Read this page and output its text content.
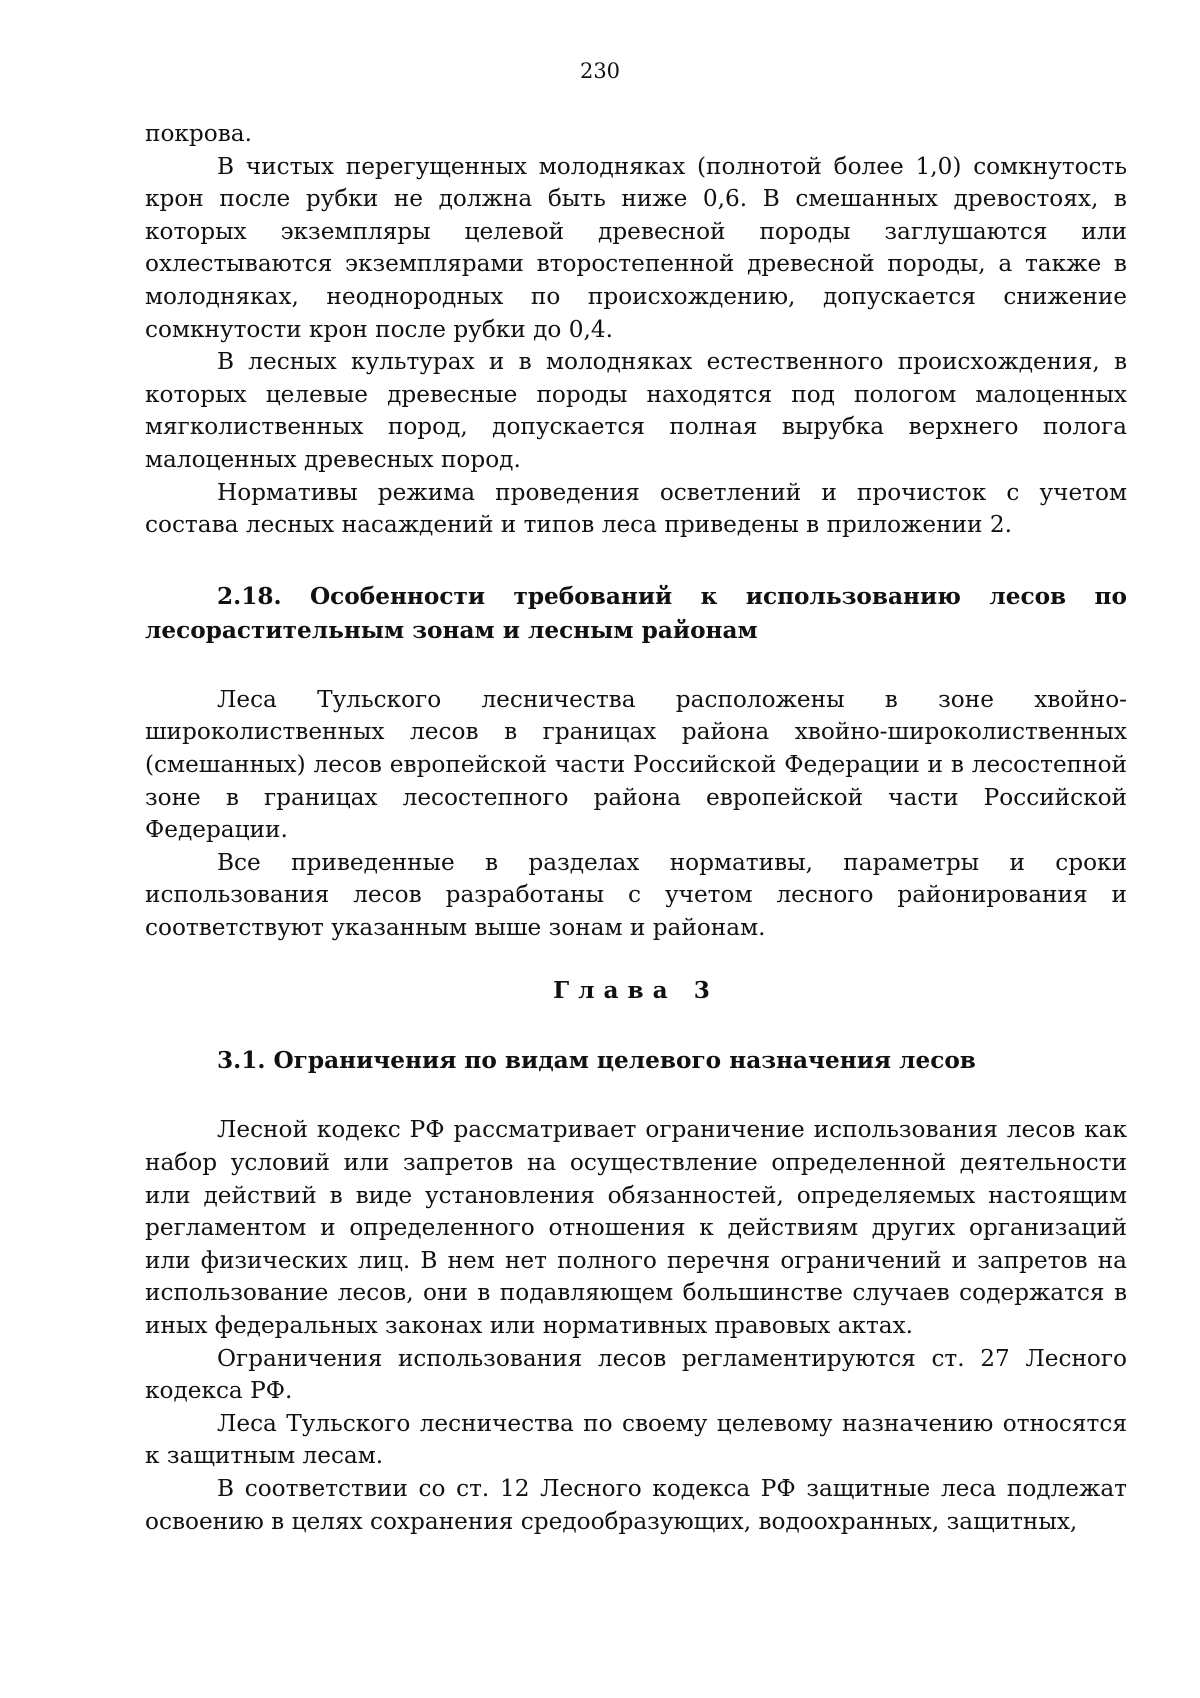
230

покрова.

В чистых перегущенных молодняках (полнотой более 1,0) сомкнутость крон после рубки не должна быть ниже 0,6. В смешанных древостоях, в которых экземпляры целевой древесной породы заглушаются или охлестываются экземплярами второстепенной древесной породы, а также в молодняках, неоднородных по происхождению, допускается снижение сомкнутости крон после рубки до 0,4.

В лесных культурах и в молодняках естественного происхождения, в которых целевые древесные породы находятся под пологом малоценных мягколиственных пород, допускается полная вырубка верхнего полога малоценных древесных пород.

Нормативы режима проведения осветлений и прочисток с учетом состава лесных насаждений и типов леса приведены в приложении 2.

2.18. Особенности требований к использованию лесов по лесорастительным зонам и лесным районам

Леса Тульского лесничества расположены в зоне хвойно-широколиственных лесов в границах района хвойно-широколиственных (смешанных) лесов европейской части Российской Федерации и в лесостепной зоне в границах лесостепного района европейской части Российской Федерации.

Все приведенные в разделах нормативы, параметры и сроки использования лесов разработаны с учетом лесного районирования и соответствуют указанным выше зонам и районам.

Глава 3
3.1. Ограничения по видам целевого назначения лесов

Лесной кодекс РФ рассматривает ограничение использования лесов как набор условий или запретов на осуществление определенной деятельности или действий в виде установления обязанностей, определяемых настоящим регламентом и определенного отношения к действиям других организаций или физических лиц. В нем нет полного перечня ограничений и запретов на использование лесов, они в подавляющем большинстве случаев содержатся в иных федеральных законах или нормативных правовых актах.

Ограничения использования лесов регламентируются ст. 27 Лесного кодекса РФ.

Леса Тульского лесничества по своему целевому назначению относятся к защитным лесам.

В соответствии со ст. 12 Лесного кодекса РФ защитные леса подлежат освоению в целях сохранения средообразующих, водоохранных, защитных,
